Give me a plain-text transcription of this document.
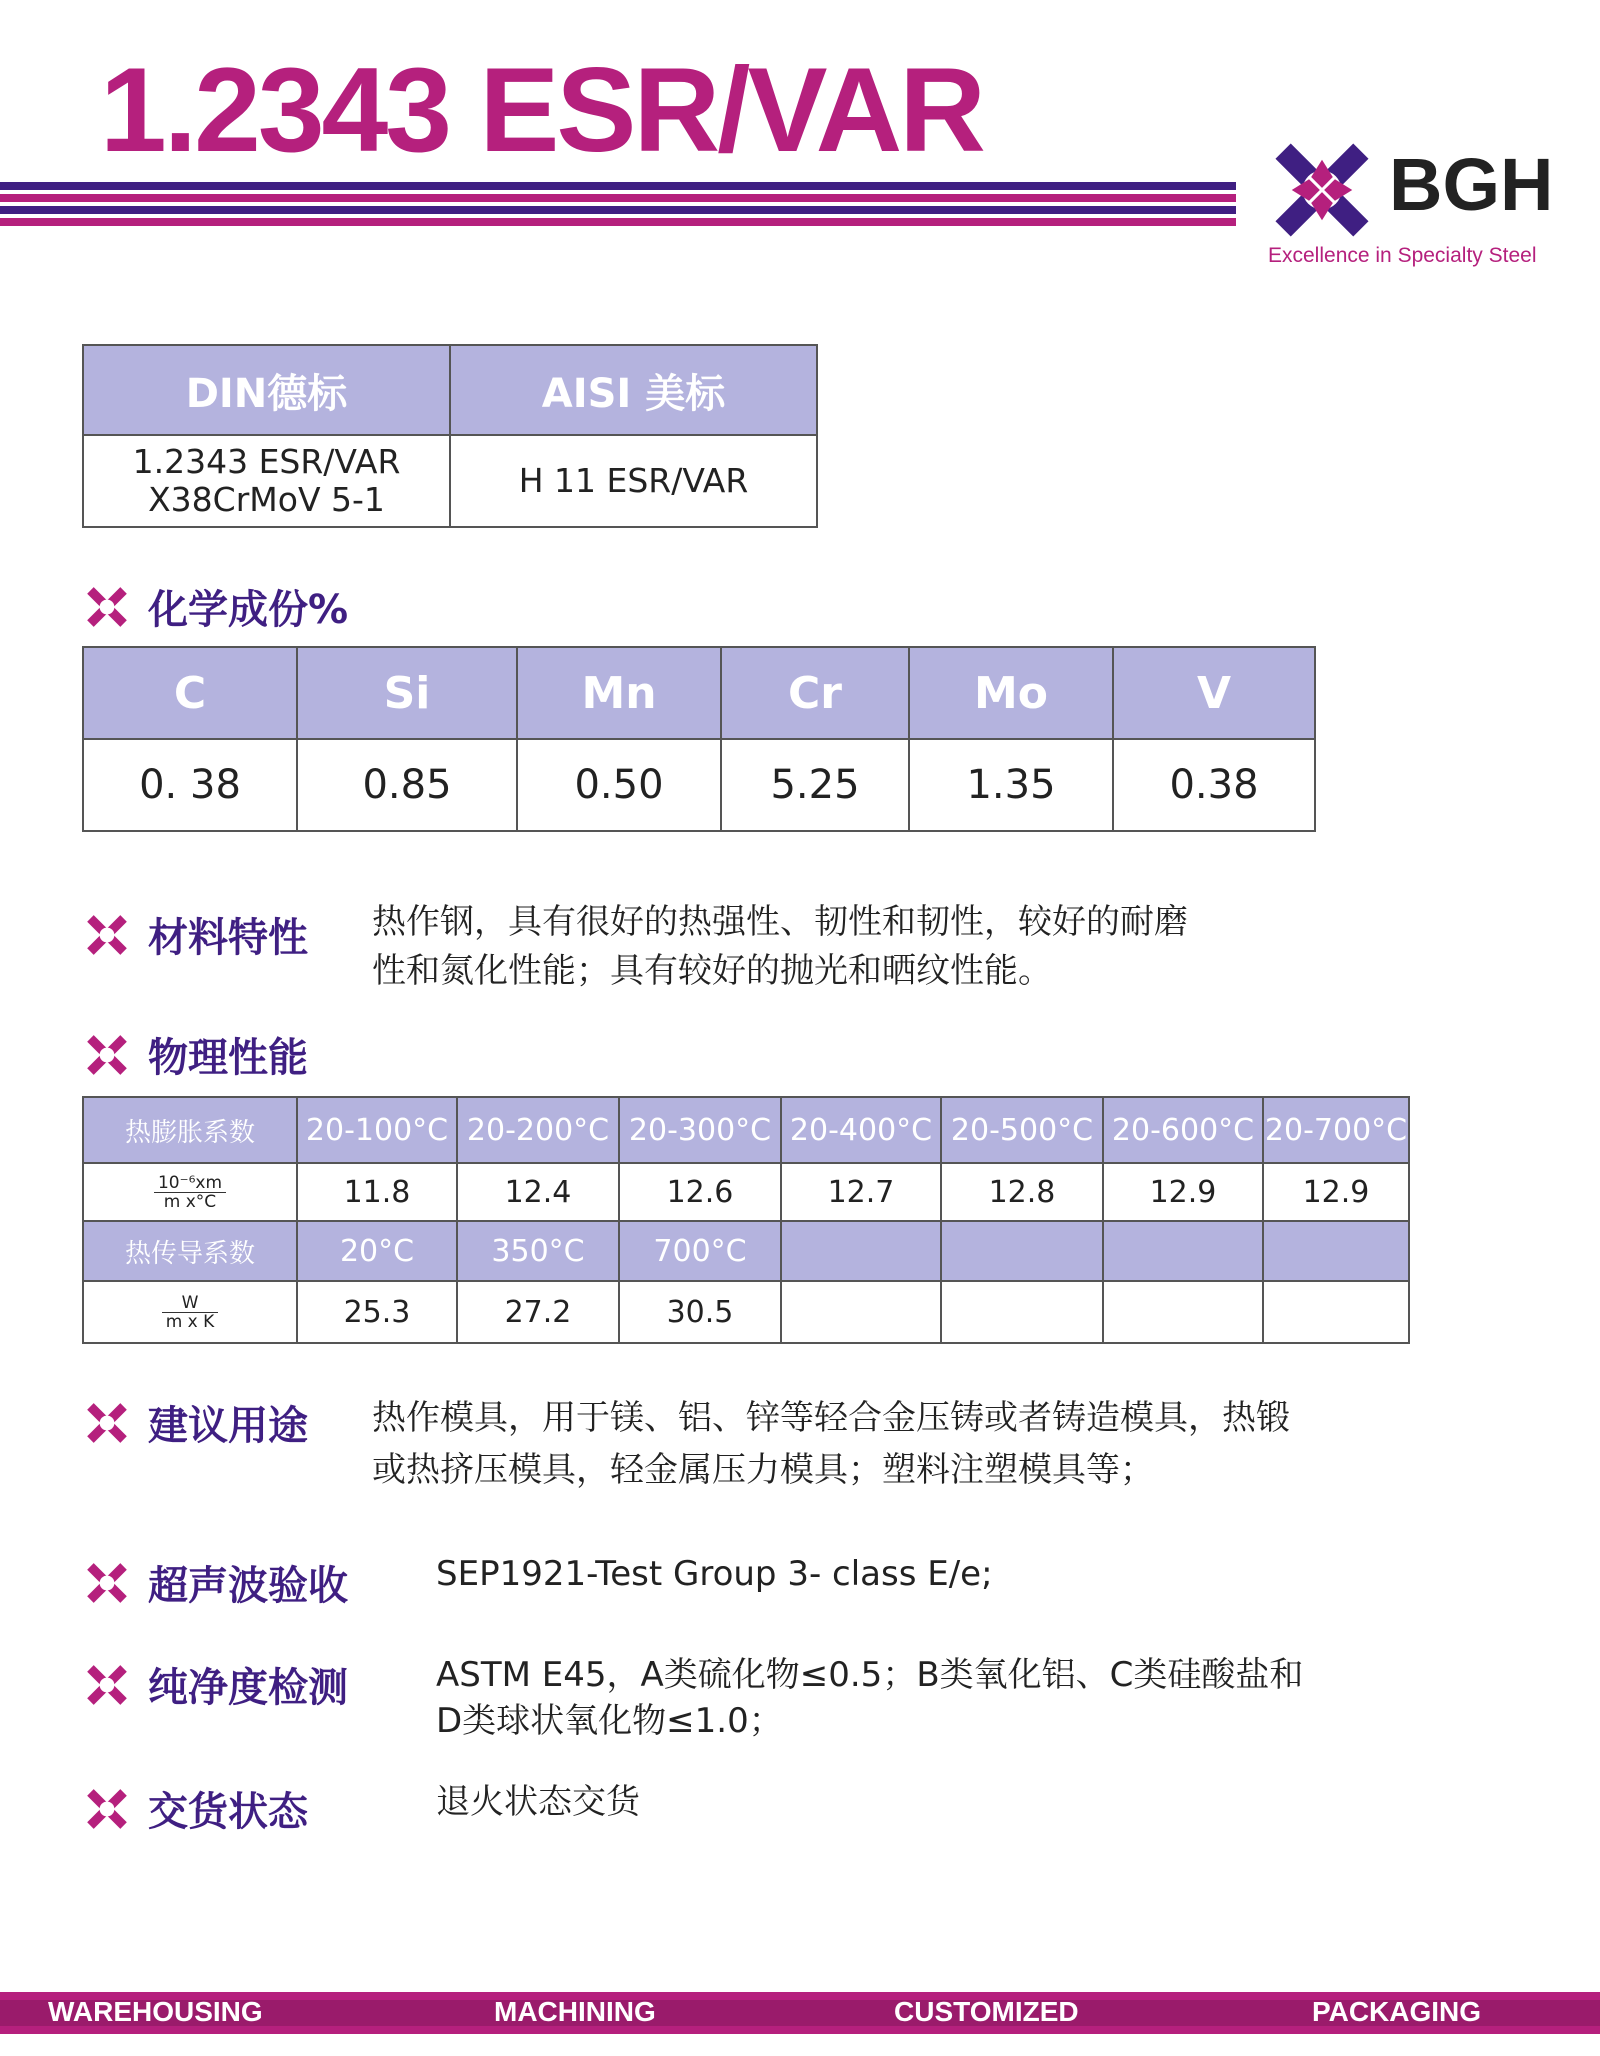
1.2343 ESR/VAR
BGH
Excellence in Specialty Steel
DIN德标	AISI 美标

1.2343 ESR/VAR
X38CrMoV 5-1	H 11 ESR/VAR
化学成份%
C	Si	Mn	Cr	Mo	V
0. 38	0.85	0.50	5.25	1.35	0.38
材料特性 热作钢，具有很好的热强性、韧性和韧性，较好的耐磨
性和氮化性能；具有较好的抛光和晒纹性能。
物理性能
热膨胀系数	20-100°C	20-200°C	20-300°C	20-400°C	20-500°C	20-600°C	20-700°C

$\frac{\text{10⁻⁶xm}}{\text{m x°C}}$	11.8	12.4	12.6	12.7	12.8	12.9	12.9
热传导系数	20°C	350°C	700°C				

$\frac{W}{\text{m x K}}$	25.3	27.2	30.5				
建议用途 热作模具，用于镁、铝、锌等轻合金压铸或者铸造模具，热锻
或热挤压模具，轻金属压力模具；塑料注塑模具等；
超声波验收	SEP1921-Test Group 3- class E/e;
纯净度检测	ASTM E45，A类硫化物≤0.5；B类氧化铝、C类硅酸盐和
D类球状氧化物≤1.0；
交货状态	退火状态交货
WAREHOUSING	MACHINING	CUSTOMIZED	PACKAGING
